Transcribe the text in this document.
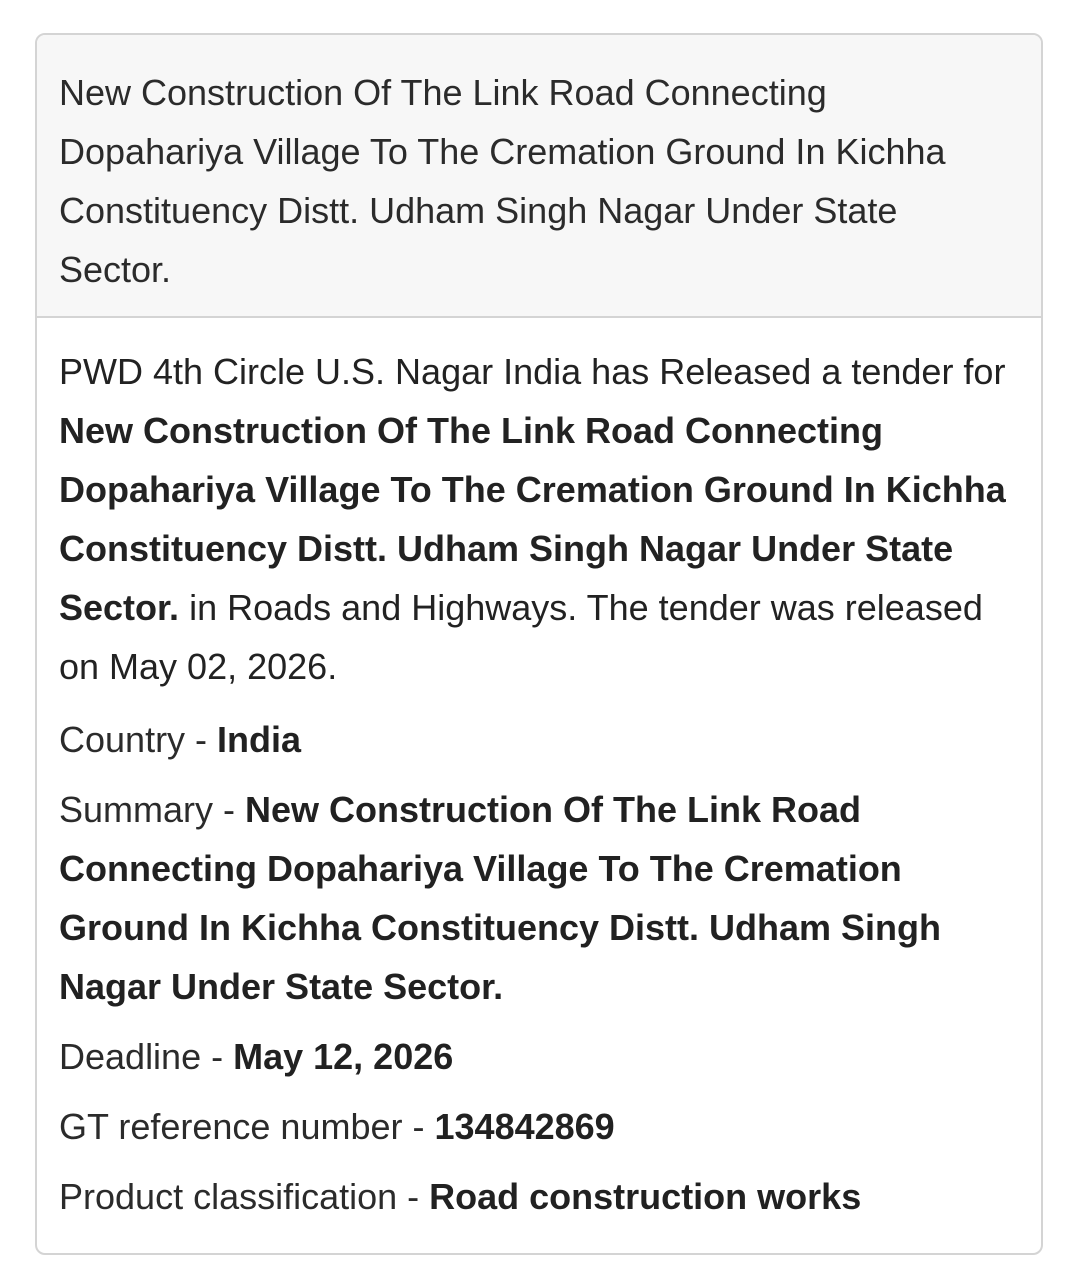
New Construction Of The Link Road Connecting Dopahariya Village To The Cremation Ground In Kichha Constituency Distt. Udham Singh Nagar Under State Sector.
PWD 4th Circle U.S. Nagar India has Released a tender for New Construction Of The Link Road Connecting Dopahariya Village To The Cremation Ground In Kichha Constituency Distt. Udham Singh Nagar Under State Sector. in Roads and Highways. The tender was released on May 02, 2026.
Country - India
Summary - New Construction Of The Link Road Connecting Dopahariya Village To The Cremation Ground In Kichha Constituency Distt. Udham Singh Nagar Under State Sector.
Deadline - May 12, 2026
GT reference number - 134842869
Product classification - Road construction works
